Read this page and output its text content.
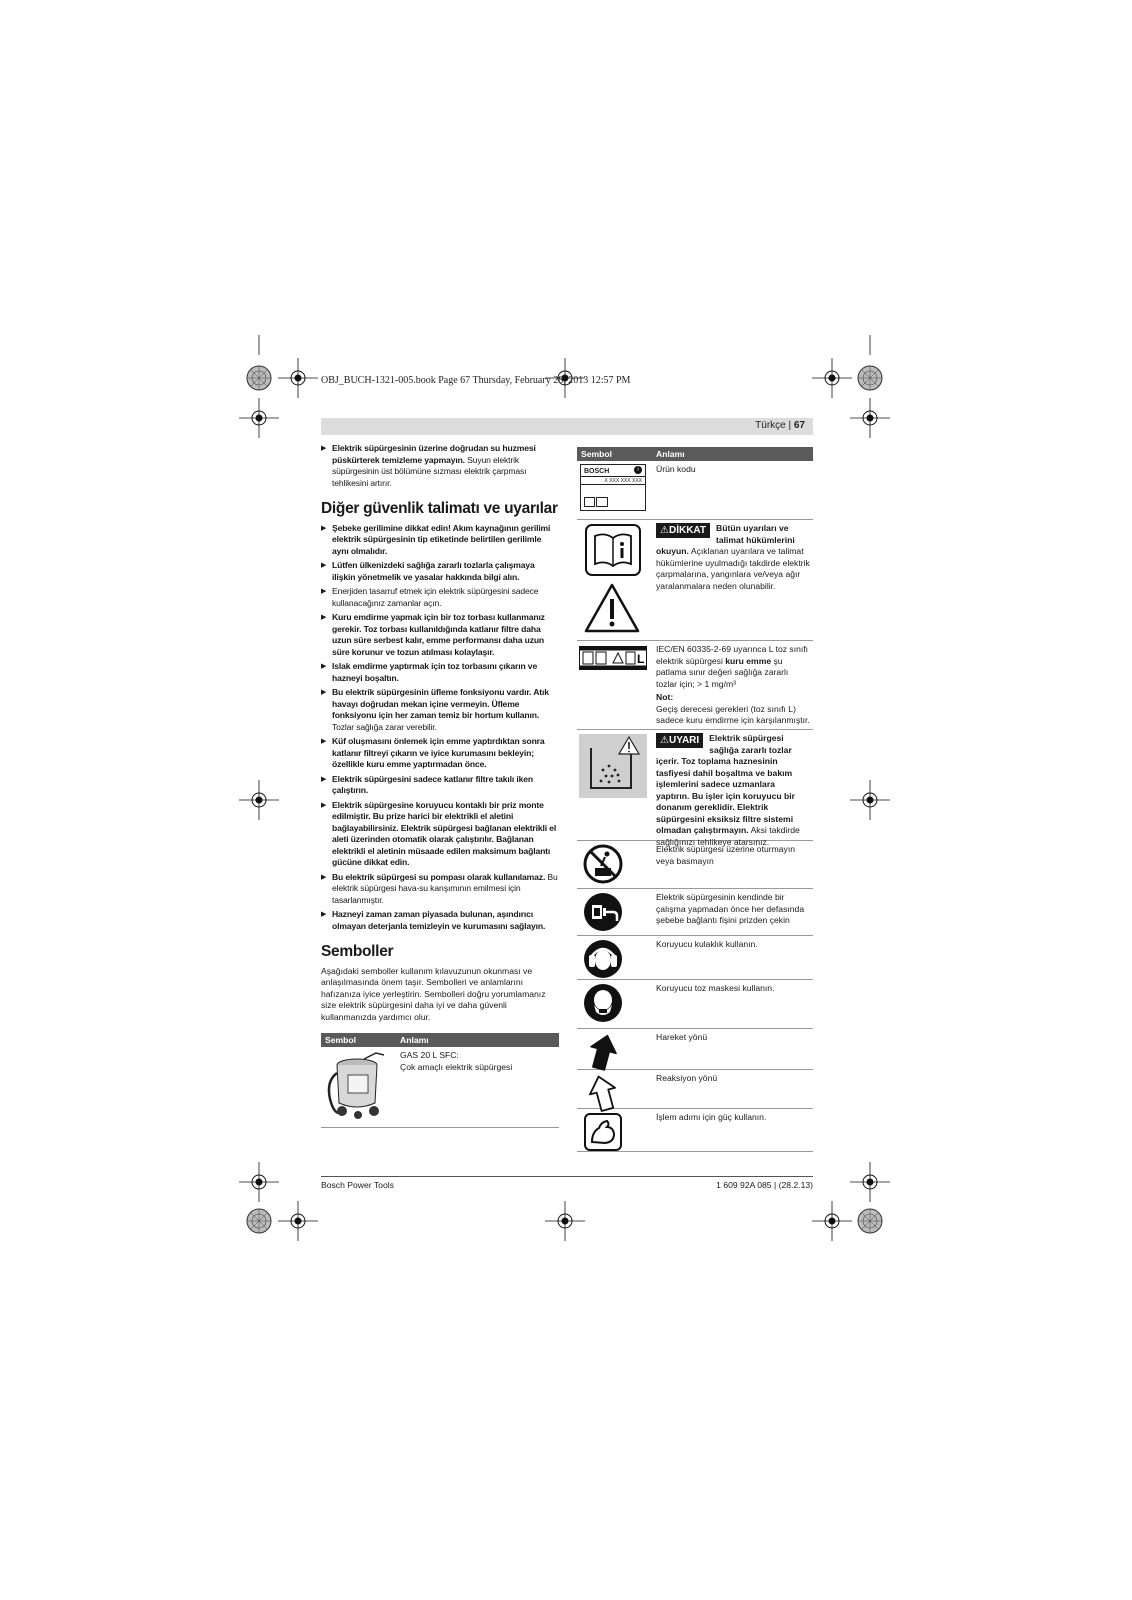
OBJ_BUCH-1321-005.book Page 67 Thursday, February 28, 2013 12:57 PM
Türkçe | 67
▶ Elektrik süpürgesinin üzerine doğrudan su huzmesi püskürterek temizleme yapmayın. Suyun elektrik süpürgesinin üst bölümüne sızması elektrik çarpması tehlikesini artırır.
Diğer güvenlik talimatı ve uyarılar
▶ Şebeke gerilimine dikkat edin! Akım kaynağının gerilimi elektrik süpürgesinin tip etiketinde belirtilen gerilimle aynı olmalıdır.
▶ Lütfen ülkenizdeki sağlığa zararlı tozlarla çalışmaya ilişkin yönetmelik ve yasalar hakkında bilgi alın.
▶ Enerjiden tasarruf etmek için elektrik süpürgesini sadece kullanacağınız zamanlar açın.
▶ Kuru emdirme yapmak için bir toz torbası kullanmanız gerekir. Toz torbası kullanıldığında katlanır filtre daha uzun süre serbest kalır, emme performansı daha uzun süre korunur ve tozun atılması kolaylaşır.
▶ Islak emdirme yaptırmak için toz torbasını çıkarın ve hazneyi boşaltın.
▶ Bu elektrik süpürgesinin üfleme fonksiyonu vardır. Atık havayı doğrudan mekan içine vermeyin. Üfleme fonksiyonu için her zaman temiz bir hortum kullanın. Tozlar sağlığa zarar verebilir.
▶ Küf oluşmasını önlemek için emme yaptırdıktan sonra katlanır filtreyi çıkarın ve iyice kurumasını bekleyin; özellikle kuru emme yaptırmadan önce.
▶ Elektrik süpürgesini sadece katlanır filtre takılı iken çalıştırın.
▶ Elektrik süpürgesine koruyucu kontaklı bir priz monte edilmiştir. Bu prize harici bir elektrikli el aletini bağlayabilirsiniz. Elektrik süpürgesi bağlanan elektrikli el aleti üzerinden otomatik olarak çalıştırılır. Bağlanan elektrikli el aletinin müsaade edilen maksimum bağlantı gücüne dikkat edin.
▶ Bu elektrik süpürgesi su pompası olarak kullanılamaz. Bu elektrik süpürgesi hava-su karışımının emilmesi için tasarlanmıştır.
▶ Hazneyi zaman zaman piyasada bulunan, aşındırıcı olmayan deterjanla temizleyin ve kurumasını sağlayın.
Semboller
Aşağıdaki semboller kullanım kılavuzunun okunması ve anlaşılmasında önem taşır. Sembolleri ve anlamlarını hafızanıza iyice yerleştirin. Sembolleri doğru yorumlamanız size elektrik süpürgesini daha iyi ve daha güvenli kullanmanızda yardımcı olur.
Sembol	Anlamı
GAS 20 L SFC:
Çok amaçlı elektrik süpürgesi
Sembol	Anlamı
BOSCH	i
X XXX XXX XXX
Ürün kodu
⚠DİKKAT	Bütün uyarıları ve talimat hükümlerini okuyun. Açıklanan uyarılara ve talimat hükümlerine uyulmadığı takdirde elektrik çarpmalarına, yangınlara ve/veya ağır yaralanmalara neden olunabilir.
L
IEC/EN 60335-2-69 uyarınca L toz sınıfı elektrik süpürgesi kuru emme şu patlama sınır değeri sağlığa zararlı tozlar için; > 1 mg/m³
Not:
Geçiş derecesi gerekleri (toz sınıfı L) sadece kuru emdirme için karşılanmıştır.
⚠UYARI	Elektrik süpürgesi sağlığa zararlı tozlar içerir. Toz toplama haznesinin tasfiyesi dahil boşaltma ve bakım işlemlerini sadece uzmanlara yaptırın. Bu işler için koruyucu bir donanım gereklidir. Elektrik süpürgesini eksiksiz filtre sistemi olmadan çalıştırmayın. Aksi takdirde sağlığınızı tehlikeye atarsınız.
Elektrik süpürgesi üzerine oturmayın veya basmayın
Elektrik süpürgesinin kendinde bir çalışma yapmadan önce her defasında şebebe bağlantı fişini prizden çekin
Koruyucu kulaklık kullanın.
Koruyucu toz maskesi kullanın.
Hareket yönü
Reaksiyon yönü
İşlem adımı için güç kullanın.
Bosch Power Tools	1 609 92A 085 | (28.2.13)
